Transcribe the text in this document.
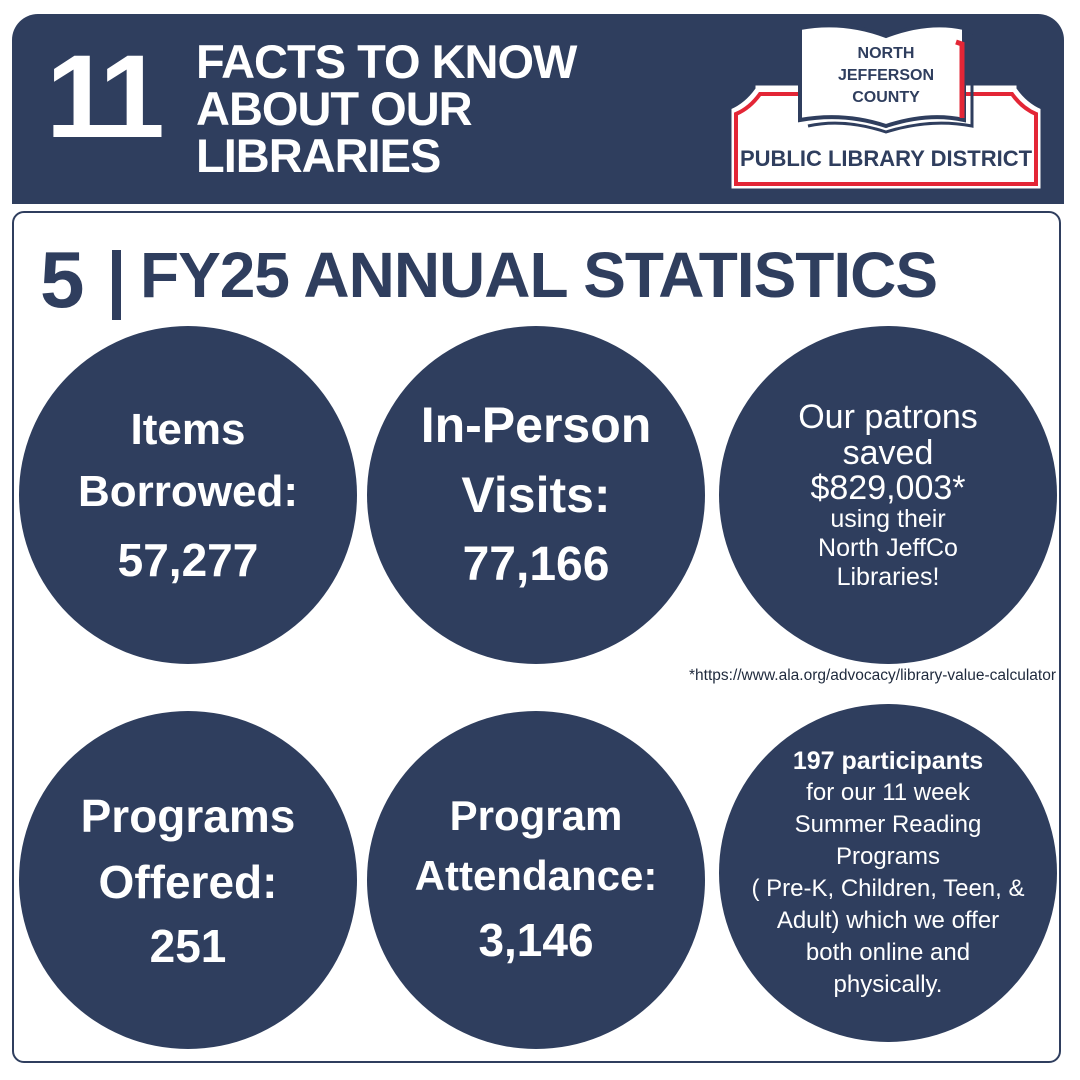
11 FACTS TO KNOW
ABOUT OUR
LIBRARIES
NORTH
JEFFERSON
COUNTY
PUBLIC LIBRARY DISTRICT
5 FY25 ANNUAL STATISTICS
Items
Borrowed:
57,277
In-Person
Visits:
77,166
Our patrons
saved
$829,003*
using their
North JeffCo
Libraries!
*https://www.ala.org/advocacy/library-value-calculator
Programs
Offered:
251
Program
Attendance:
3,146
197 participants
for our 11 week
Summer Reading
Programs
( Pre-K, Children, Teen, &
Adult) which we offer
both online and
physically.
